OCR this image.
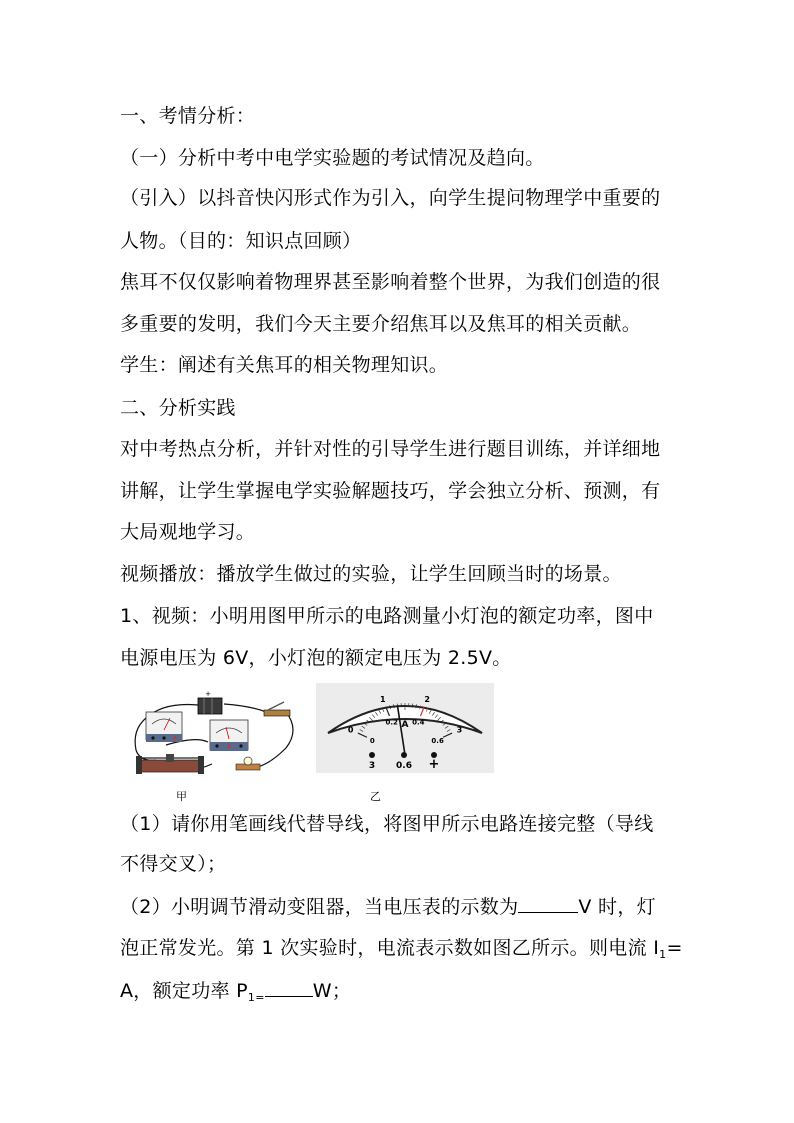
一、考情分析：
（一）分析中考中电学实验题的考试情况及趋向。
（引入）以抖音快闪形式作为引入，向学生提问物理学中重要的
人物。（目的：知识点回顾）
焦耳不仅仅影响着物理界甚至影响着整个世界，为我们创造的很
多重要的发明，我们今天主要介绍焦耳以及焦耳的相关贡献。
学生：阐述有关焦耳的相关物理知识。
二、分析实践
对中考热点分析，并针对性的引导学生进行题目训练，并详细地
讲解，让学生掌握电学实验解题技巧，学会独立分析、预测，有
大局观地学习。
视频播放：播放学生做过的实验，让学生回顾当时的场景。
1、视频：小明用图甲所示的电路测量小灯泡的额定功率，图中
电源电压为 6V，小灯泡的额定电压为 2.5V。
+
甲
0
1	2
3
0
0.2 0.4
0.6
A
3 0.6 +
乙
（1）请你用笔画线代替导线，将图甲所示电路连接完整（导线
不得交叉）；
（2）小明调节滑动变阻器，当电压表的示数为	V 时，灯
泡正常发光。第 1 次实验时，电流表示数如图乙所示。则电流 $I_1=$
A，额定功率 $P_{1=}$	W；
